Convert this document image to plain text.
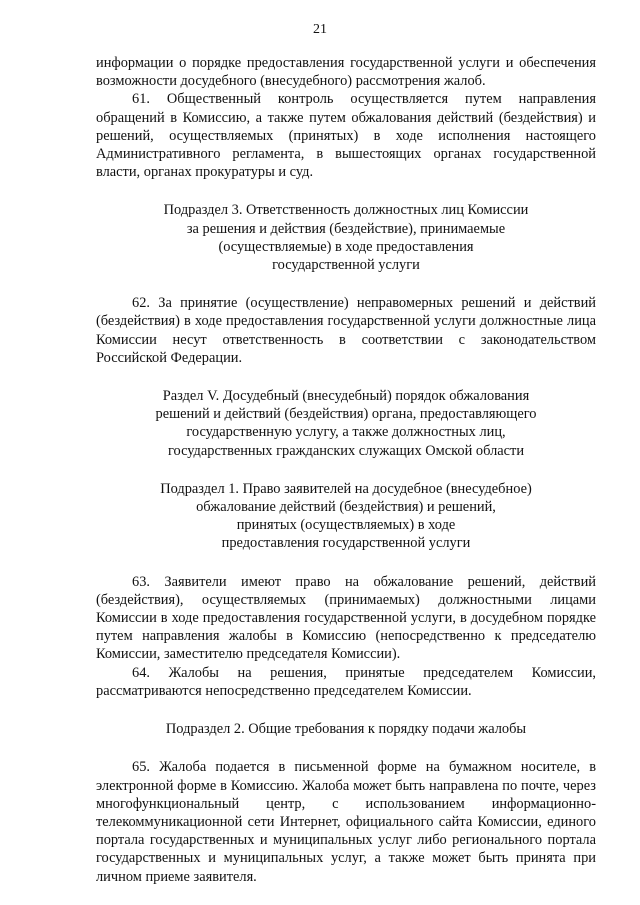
21

информации о порядке предоставления государственной услуги и обеспечения возможности досудебного (внесудебного) рассмотрения жалоб.

61. Общественный контроль осуществляется путем направления обращений в Комиссию, а также путем обжалования действий (бездействия) и решений, осуществляемых (принятых) в ходе исполнения настоящего Административного регламента, в вышестоящих органах государственной власти, органах прокуратуры и суд.

Подраздел 3. Ответственность должностных лиц Комиссии
за решения и действия (бездействие), принимаемые
(осуществляемые) в ходе предоставления
государственной услуги

62. За принятие (осуществление) неправомерных решений и действий (бездействия) в ходе предоставления государственной услуги должностные лица Комиссии несут ответственность в соответствии с законодательством Российской Федерации.

Раздел V. Досудебный (внесудебный) порядок обжалования
решений и действий (бездействия) органа, предоставляющего
государственную услугу, а также должностных лиц,
государственных гражданских служащих Омской области
Подраздел 1. Право заявителей на досудебное (внесудебное)
обжалование действий (бездействия) и решений,
принятых (осуществляемых) в ходе
предоставления государственной услуги

63. Заявители имеют право на обжалование решений, действий (бездействия), осуществляемых (принимаемых) должностными лицами Комиссии в ходе предоставления государственной услуги, в досудебном порядке путем направления жалобы в Комиссию (непосредственно к председателю Комиссии, заместителю председателя Комиссии).

64. Жалобы на решения, принятые председателем Комиссии, рассматриваются непосредственно председателем Комиссии.

Подраздел 2. Общие требования к порядку подачи жалобы

65. Жалоба подается в письменной форме на бумажном носителе, в электронной форме в Комиссию. Жалоба может быть направлена по почте, через многофункциональный центр, с использованием информационно-телекоммуникационной сети Интернет, официального сайта Комиссии, единого портала государственных и муниципальных услуг либо регионального портала государственных и муниципальных услуг, а также может быть принята при личном приеме заявителя.
